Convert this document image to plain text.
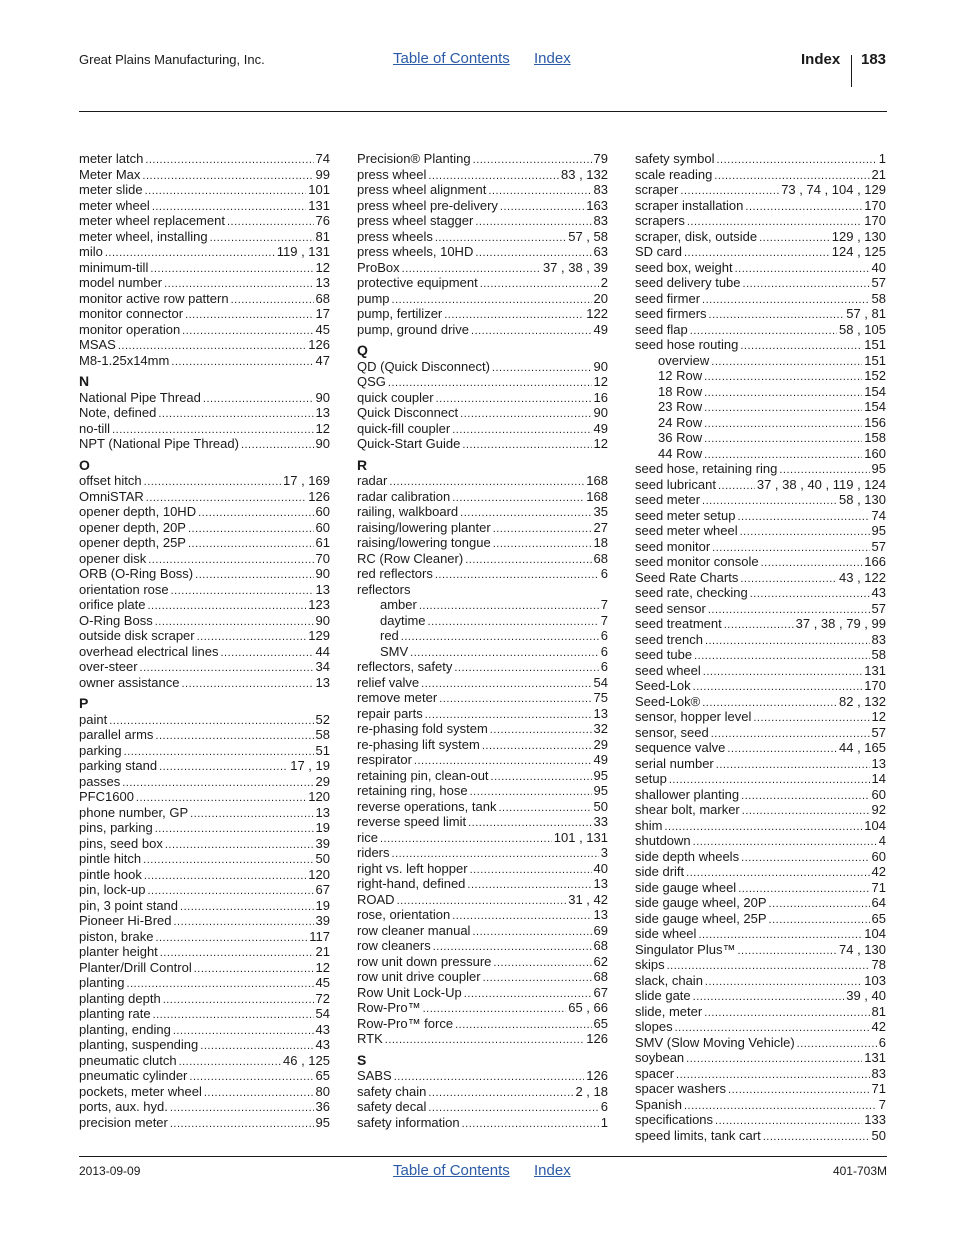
Great Plains Manufacturing, Inc.	Table of Contents Index	Index 183
meter latch .....	74
Meter Max .....	99
meter slide .....	101
meter wheel .....	131
meter wheel replacement .....	76
meter wheel, installing .....	81
milo .....	119 , 131
minimum-till .....	12
model number .....	13
monitor active row pattern .....	68
monitor connector .....	17
monitor operation .....	45
MSAS .....	126
M8-1.25x14mm .....	47
N
National Pipe Thread .....	90
Note, defined .....	13
no-till .....	12
NPT (National Pipe Thread) .....	90
O
offset hitch .....	17 , 169
OmniSTAR .....	126
opener depth, 10HD .....	60
opener depth, 20P .....	60
opener depth, 25P .....	61
opener disk .....	70
ORB (O-Ring Boss) .....	90
orientation rose .....	13
orifice plate .....	123
O-Ring Boss .....	90
outside disk scraper .....	129
overhead electrical lines .....	44
over-steer .....	34
owner assistance .....	13
P
paint .....	52
parallel arms .....	58
parking .....	51
parking stand .....	17 , 19
passes .....	29
PFC1600 .....	120
phone number, GP .....	13
pins, parking .....	19
pins, seed box .....	39
pintle hitch .....	50
pintle hook .....	120
pin, lock-up .....	67
pin, 3 point stand .....	19
Pioneer Hi-Bred .....	39
piston, brake .....	117
planter height .....	21
Planter/Drill Control .....	12
planting .....	45
planting depth .....	72
planting rate .....	54
planting, ending .....	43
planting, suspending .....	43
pneumatic clutch .....	46 , 125
pneumatic cylinder .....	65
pockets, meter wheel .....	80
ports, aux. hyd. .....	36
precision meter .....	95
Precision® Planting .....	79
press wheel .....	83 , 132
press wheel alignment .....	83
press wheel pre-delivery .....	163
press wheel stagger .....	83
press wheels .....	57 , 58
press wheels, 10HD .....	63
ProBox .....	37 , 38 , 39
protective equipment .....	2
pump .....	20
pump, fertilizer .....	122
pump, ground drive .....	49
Q
QD (Quick Disconnect) .....	90
QSG .....	12
quick coupler .....	16
Quick Disconnect .....	90
quick-fill coupler .....	49
Quick-Start Guide .....	12
R
radar .....	168
radar calibration .....	168
railing, walkboard .....	35
raising/lowering planter .....	27
raising/lowering tongue .....	18
RC (Row Cleaner) .....	68
red reflectors .....	6
reflectors
amber .....	7
daytime .....	7
red .....	6
SMV .....	6
reflectors, safety .....	6
relief valve .....	54
remove meter .....	75
repair parts .....	13
re-phasing fold system .....	32
re-phasing lift system .....	29
respirator .....	49
retaining pin, clean-out .....	95
retaining ring, hose .....	95
reverse operations, tank .....	50
reverse speed limit .....	33
rice .....	101 , 131
riders .....	3
right vs. left hopper .....	40
right-hand, defined .....	13
ROAD .....	31 , 42
rose, orientation .....	13
row cleaner manual .....	69
row cleaners .....	68
row unit down pressure .....	62
row unit drive coupler .....	68
Row Unit Lock-Up .....	67
Row-Pro™ .....	65 , 66
Row-Pro™ force .....	65
RTK .....	126
S
SABS .....	126
safety chain .....	2 , 18
safety decal .....	6
safety information .....	1
safety symbol .....	1
scale reading .....	21
scraper .....	73 , 74 , 104 , 129
scraper installation .....	170
scrapers .....	170
scraper, disk, outside .....	129 , 130
SD card .....	124 , 125
seed box, weight .....	40
seed delivery tube .....	57
seed firmer .....	58
seed firmers .....	57 , 81
seed flap .....	58 , 105
seed hose routing .....	151
overview .....	151
12 Row .....	152
18 Row .....	154
23 Row .....	154
24 Row .....	156
36 Row .....	158
44 Row .....	160
seed hose, retaining ring .....	95
seed lubricant .....	37 , 38 , 40 , 119 , 124
seed meter .....	58 , 130
seed meter setup .....	74
seed meter wheel .....	95
seed monitor .....	57
seed monitor console .....	166
Seed Rate Charts .....	43 , 122
seed rate, checking .....	43
seed sensor .....	57
seed treatment .....	37 , 38 , 79 , 99
seed trench .....	83
seed tube .....	58
seed wheel .....	131
Seed-Lok .....	170
Seed-Lok® .....	82 , 132
sensor, hopper level .....	12
sensor, seed .....	57
sequence valve .....	44 , 165
serial number .....	13
setup .....	14
shallower planting .....	60
shear bolt, marker .....	92
shim .....	104
shutdown .....	4
side depth wheels .....	60
side drift .....	42
side gauge wheel .....	71
side gauge wheel, 20P .....	64
side gauge wheel, 25P .....	65
side wheel .....	104
Singulator Plus™ .....	74 , 130
skips .....	78
slack, chain .....	103
slide gate .....	39 , 40
slide, meter .....	81
slopes .....	42
SMV (Slow Moving Vehicle) .....	6
soybean .....	131
spacer .....	83
spacer washers .....	71
Spanish .....	7
specifications .....	133
speed limits, tank cart .....	50
2013-09-09	Table of Contents Index	401-703M
